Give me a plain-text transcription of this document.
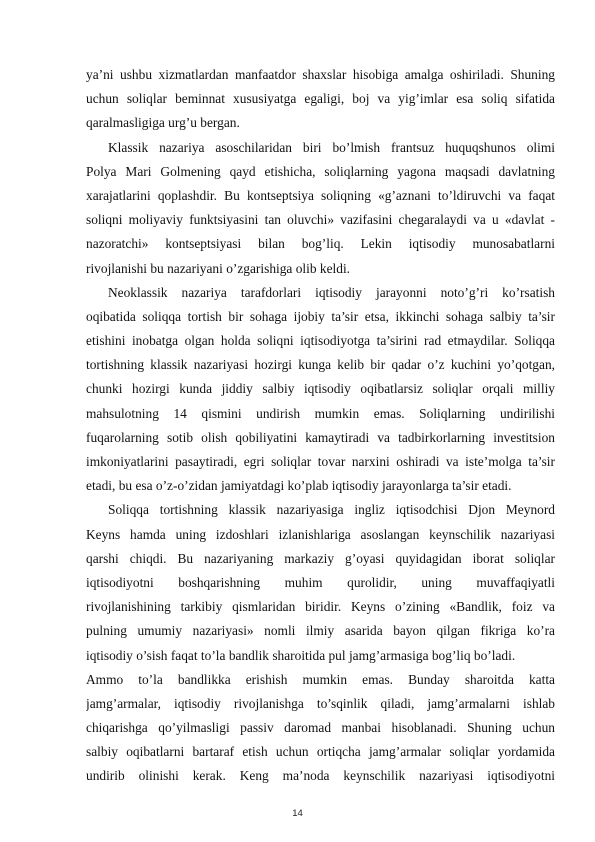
ya’ni ushbu xizmatlardan manfaatdor shaxslar hisobiga amalga oshiriladi. Shuning
uchun soliqlar beminnat xususiyatga egaligi, boj va yig’imlar esa soliq sifatida
qaralmasligiga urg’u bergan.
Klassik nazariya asoschilaridan biri bo’lmish frantsuz huquqshunos olimi
Polya Mari Golmening qayd etishicha, soliqlarning yagona maqsadi davlatning
xarajatlarini qoplashdir. Bu kontseptsiya soliqning «g’aznani to’ldiruvchi va faqat
soliqni moliyaviy funktsiyasini tan oluvchi» vazifasini chegaralaydi va u «davlat -
nazoratchi» kontseptsiyasi bilan bog’liq. Lekin iqtisodiy munosabatlarni
rivojlanishi bu nazariyani o’zgarishiga olib keldi.
Neoklassik nazariya tarafdorlari iqtisodiy jarayonni noto’g’ri ko’rsatish
oqibatida soliqqa tortish bir sohaga ijobiy ta’sir etsa, ikkinchi sohaga salbiy ta’sir
etishini inobatga olgan holda soliqni iqtisodiyotga ta’sirini rad etmaydilar. Soliqqa
tortishning klassik nazariyasi hozirgi kunga kelib bir qadar o’z kuchini yo’qotgan,
chunki hozirgi kunda jiddiy salbiy iqtisodiy oqibatlarsiz soliqlar orqali milliy
mahsulotning 14 qismini undirish mumkin emas. Soliqlarning undirilishi
fuqarolarning sotib olish qobiliyatini kamaytiradi va tadbirkorlarning investitsion
imkoniyatlarini pasaytiradi, egri soliqlar tovar narxini oshiradi va iste’molga ta’sir
etadi, bu esa o’z-o’zidan jamiyatdagi ko’plab iqtisodiy jarayonlarga ta’sir etadi.
Soliqqa tortishning klassik nazariyasiga ingliz iqtisodchisi Djon Meynord
Keyns hamda uning izdoshlari izlanishlariga asoslangan keynschilik nazariyasi
qarshi chiqdi. Bu nazariyaning markaziy g’oyasi quyidagidan iborat soliqlar
iqtisodiyotni boshqarishning muhim qurolidir, uning muvaffaqiyatli
rivojlanishining tarkibiy qismlaridan biridir. Keyns o’zining «Bandlik, foiz va
pulning umumiy nazariyasi» nomli ilmiy asarida bayon qilgan fikriga ko’ra
iqtisodiy o’sish faqat to’la bandlik sharoitida pul jamg’armasiga bog’liq bo’ladi.
Ammo to’la bandlikka erishish mumkin emas. Bunday sharoitda katta
jamg’armalar, iqtisodiy rivojlanishga to’sqinlik qiladi, jamg’armalarni ishlab
chiqarishga qo’yilmasligi passiv daromad manbai hisoblanadi. Shuning uchun
salbiy oqibatlarni bartaraf etish uchun ortiqcha jamg’armalar soliqlar yordamida
undirib olinishi kerak. Keng ma’noda keynschilik nazariyasi iqtisodiyotni
14
